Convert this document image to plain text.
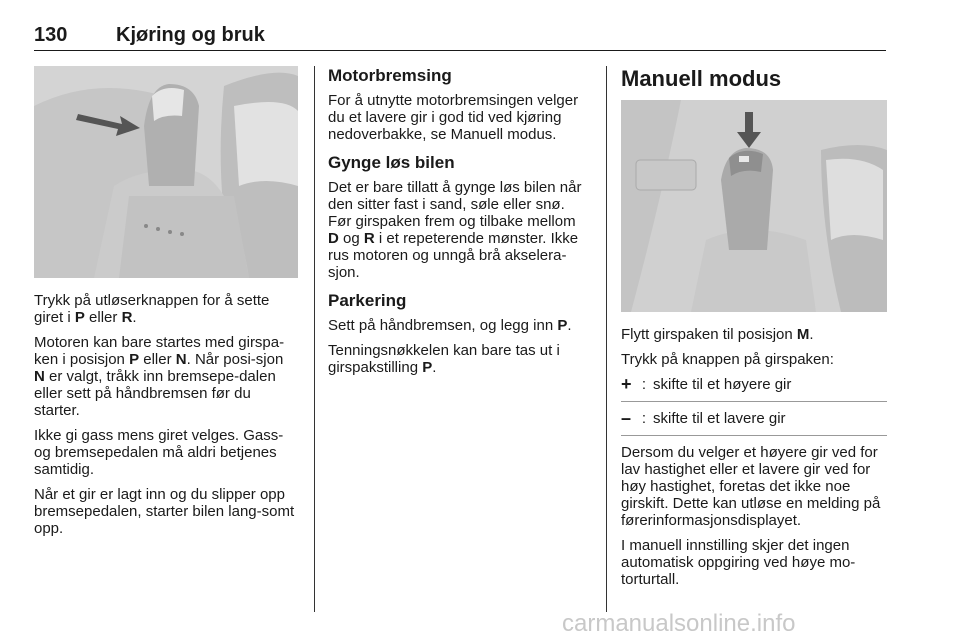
130 Kjøring og bruk

Trykk på utløserknappen for å sette giret i P eller R.

Motoren kan bare startes med girspa-ken i posisjon P eller N. Når posi-sjon N er valgt, tråkk inn bremsepe-dalen eller sett på håndbremsen før du starter.

Ikke gi gass mens giret velges. Gass- og bremsepedalen må aldri betjenes samtidig.

Når et gir er lagt inn og du slipper opp bremsepedalen, starter bilen lang-somt opp.

Motorbremsing

For å utnytte motorbremsingen velger du et lavere gir i god tid ved kjøring nedoverbakke, se Manuell modus.

Gynge løs bilen

Det er bare tillatt å gynge løs bilen når den sitter fast i sand, søle eller snø. Før girspaken frem og tilbake mellom D og R i et repeterende mønster. Ikke rus motoren og unngå brå akselera-sjon.

Parkering

Sett på håndbremsen, og legg inn P.

Tenningsnøkkelen kan bare tas ut i girspakstilling P.

Manuell modus

Flytt girspaken til posisjon M.

Trykk på knappen på girspaken:

+ : skifte til et høyere gir
– : skifte til et lavere gir

Dersom du velger et høyere gir ved for lav hastighet eller et lavere gir ved for høy hastighet, foretas det ikke noe girskift. Dette kan utløse en melding på førerinformasjonsdisplayet.

I manuell innstilling skjer det ingen automatisk oppgiring ved høye mo-torturtall.

carmanualsonline.info
